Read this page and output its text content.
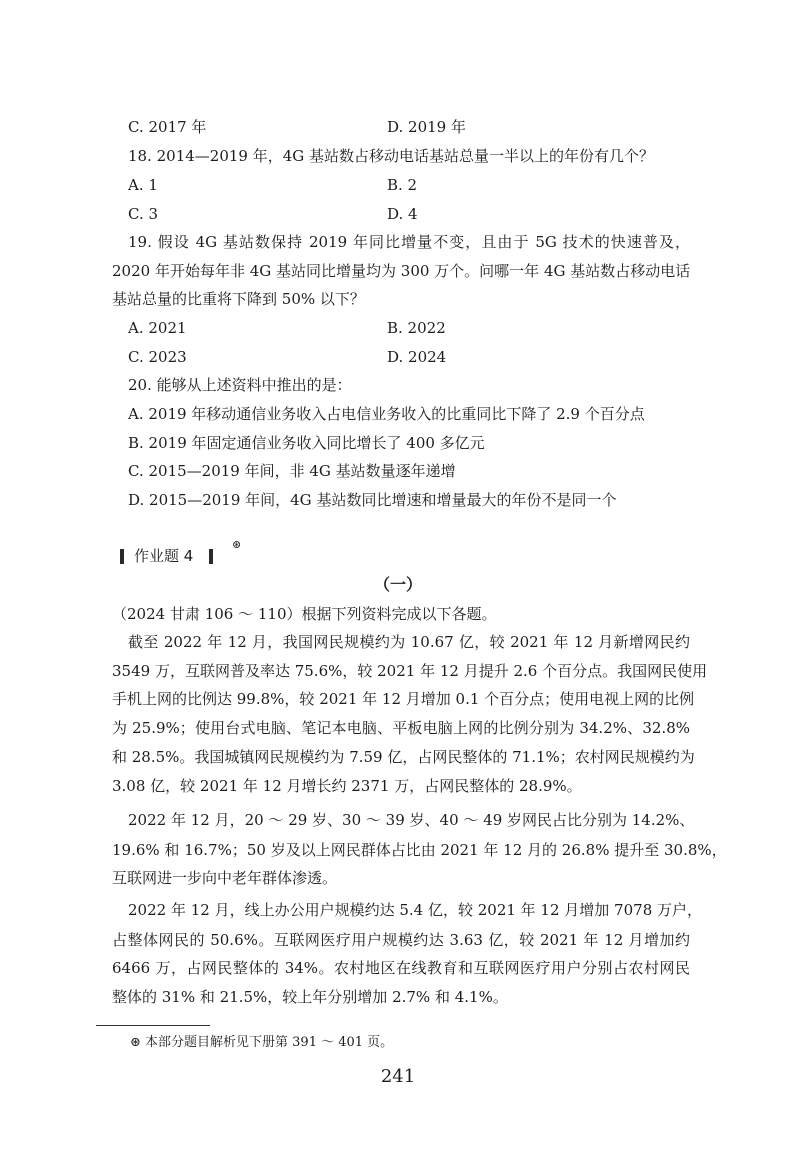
C. 2017 年	D. 2019 年
18. 2014—2019 年，4G 基站数占移动电话基站总量一半以上的年份有几个？
A. 1	B. 2
C. 3	D. 4
19. 假设 4G 基站数保持 2019 年同比增量不变，且由于 5G 技术的快速普及，
2020 年开始每年非 4G 基站同比增量均为 300 万个。问哪一年 4G 基站数占移动电话
基站总量的比重将下降到 50% 以下？
A. 2021	B. 2022
C. 2023	D. 2024
20. 能够从上述资料中推出的是：
A. 2019 年移动通信业务收入占电信业务收入的比重同比下降了 2.9 个百分点
B. 2019 年固定通信业务收入同比增长了 400 多亿元
C. 2015—2019 年间，非 4G 基站数量逐年递增
D. 2015—2019 年间，4G 基站数同比增速和增量最大的年份不是同一个
作业题 4
⊛
（一）
（2024 甘肃 106 ～ 110）根据下列资料完成以下各题。
截至 2022 年 12 月，我国网民规模约为 10.67 亿，较 2021 年 12 月新增网民约
3549 万，互联网普及率达 75.6%，较 2021 年 12 月提升 2.6 个百分点。我国网民使用
手机上网的比例达 99.8%，较 2021 年 12 月增加 0.1 个百分点；使用电视上网的比例
为 25.9%；使用台式电脑、笔记本电脑、平板电脑上网的比例分别为 34.2%、32.8%
和 28.5%。我国城镇网民规模约为 7.59 亿，占网民整体的 71.1%；农村网民规模约为
3.08 亿，较 2021 年 12 月增长约 2371 万，占网民整体的 28.9%。
2022 年 12 月，20 ～ 29 岁、30 ～ 39 岁、40 ～ 49 岁网民占比分别为 14.2%、
19.6% 和 16.7%；50 岁及以上网民群体占比由 2021 年 12 月的 26.8% 提升至 30.8%，
互联网进一步向中老年群体渗透。
2022 年 12 月，线上办公用户规模约达 5.4 亿，较 2021 年 12 月增加 7078 万户，
占整体网民的 50.6%。互联网医疗用户规模约达 3.63 亿，较 2021 年 12 月增加约
6466 万，占网民整体的 34%。农村地区在线教育和互联网医疗用户分别占农村网民
整体的 31% 和 21.5%，较上年分别增加 2.7% 和 4.1%。
⊛ 本部分题目解析见下册第 391 ～ 401 页。
241
